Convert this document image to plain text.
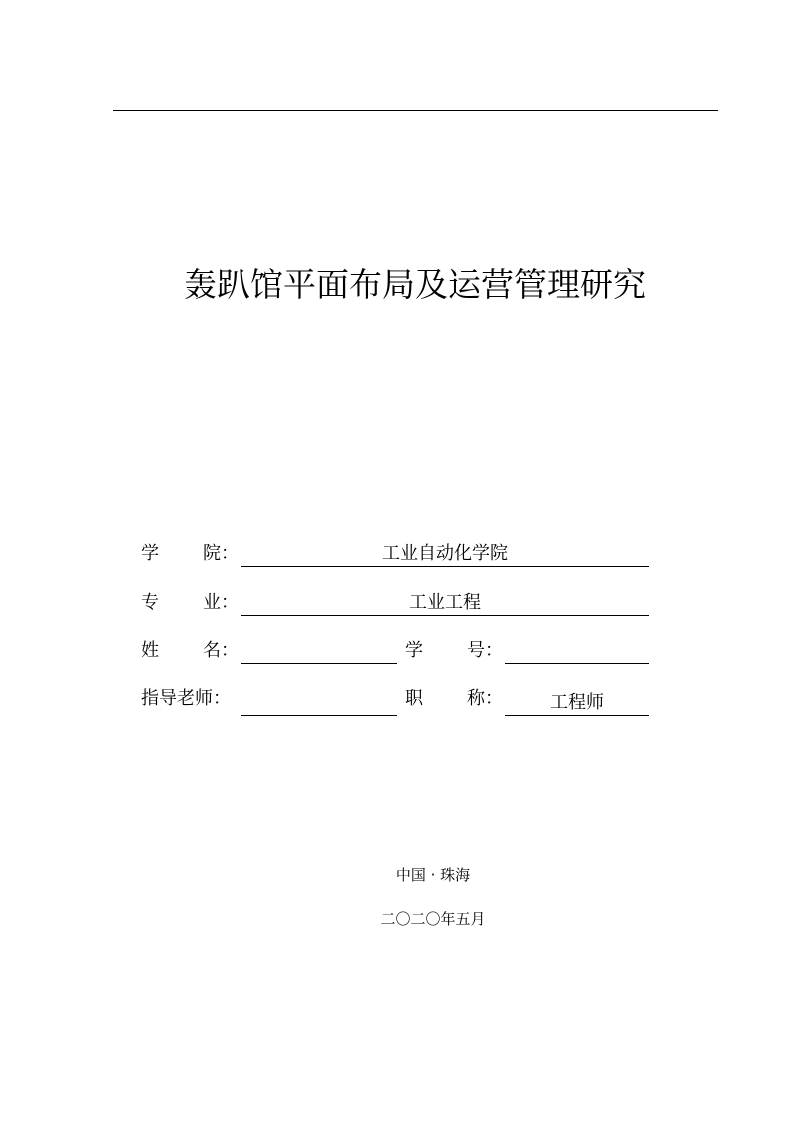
轰趴馆平面布局及运营管理研究
学 院 ：	工业自动化学院
专 业 ：	工业工程
姓 名 ：	学 号 ：
指导老师 ：	职 称 ：	工程师
中国 · 珠海
二〇二〇年五月
